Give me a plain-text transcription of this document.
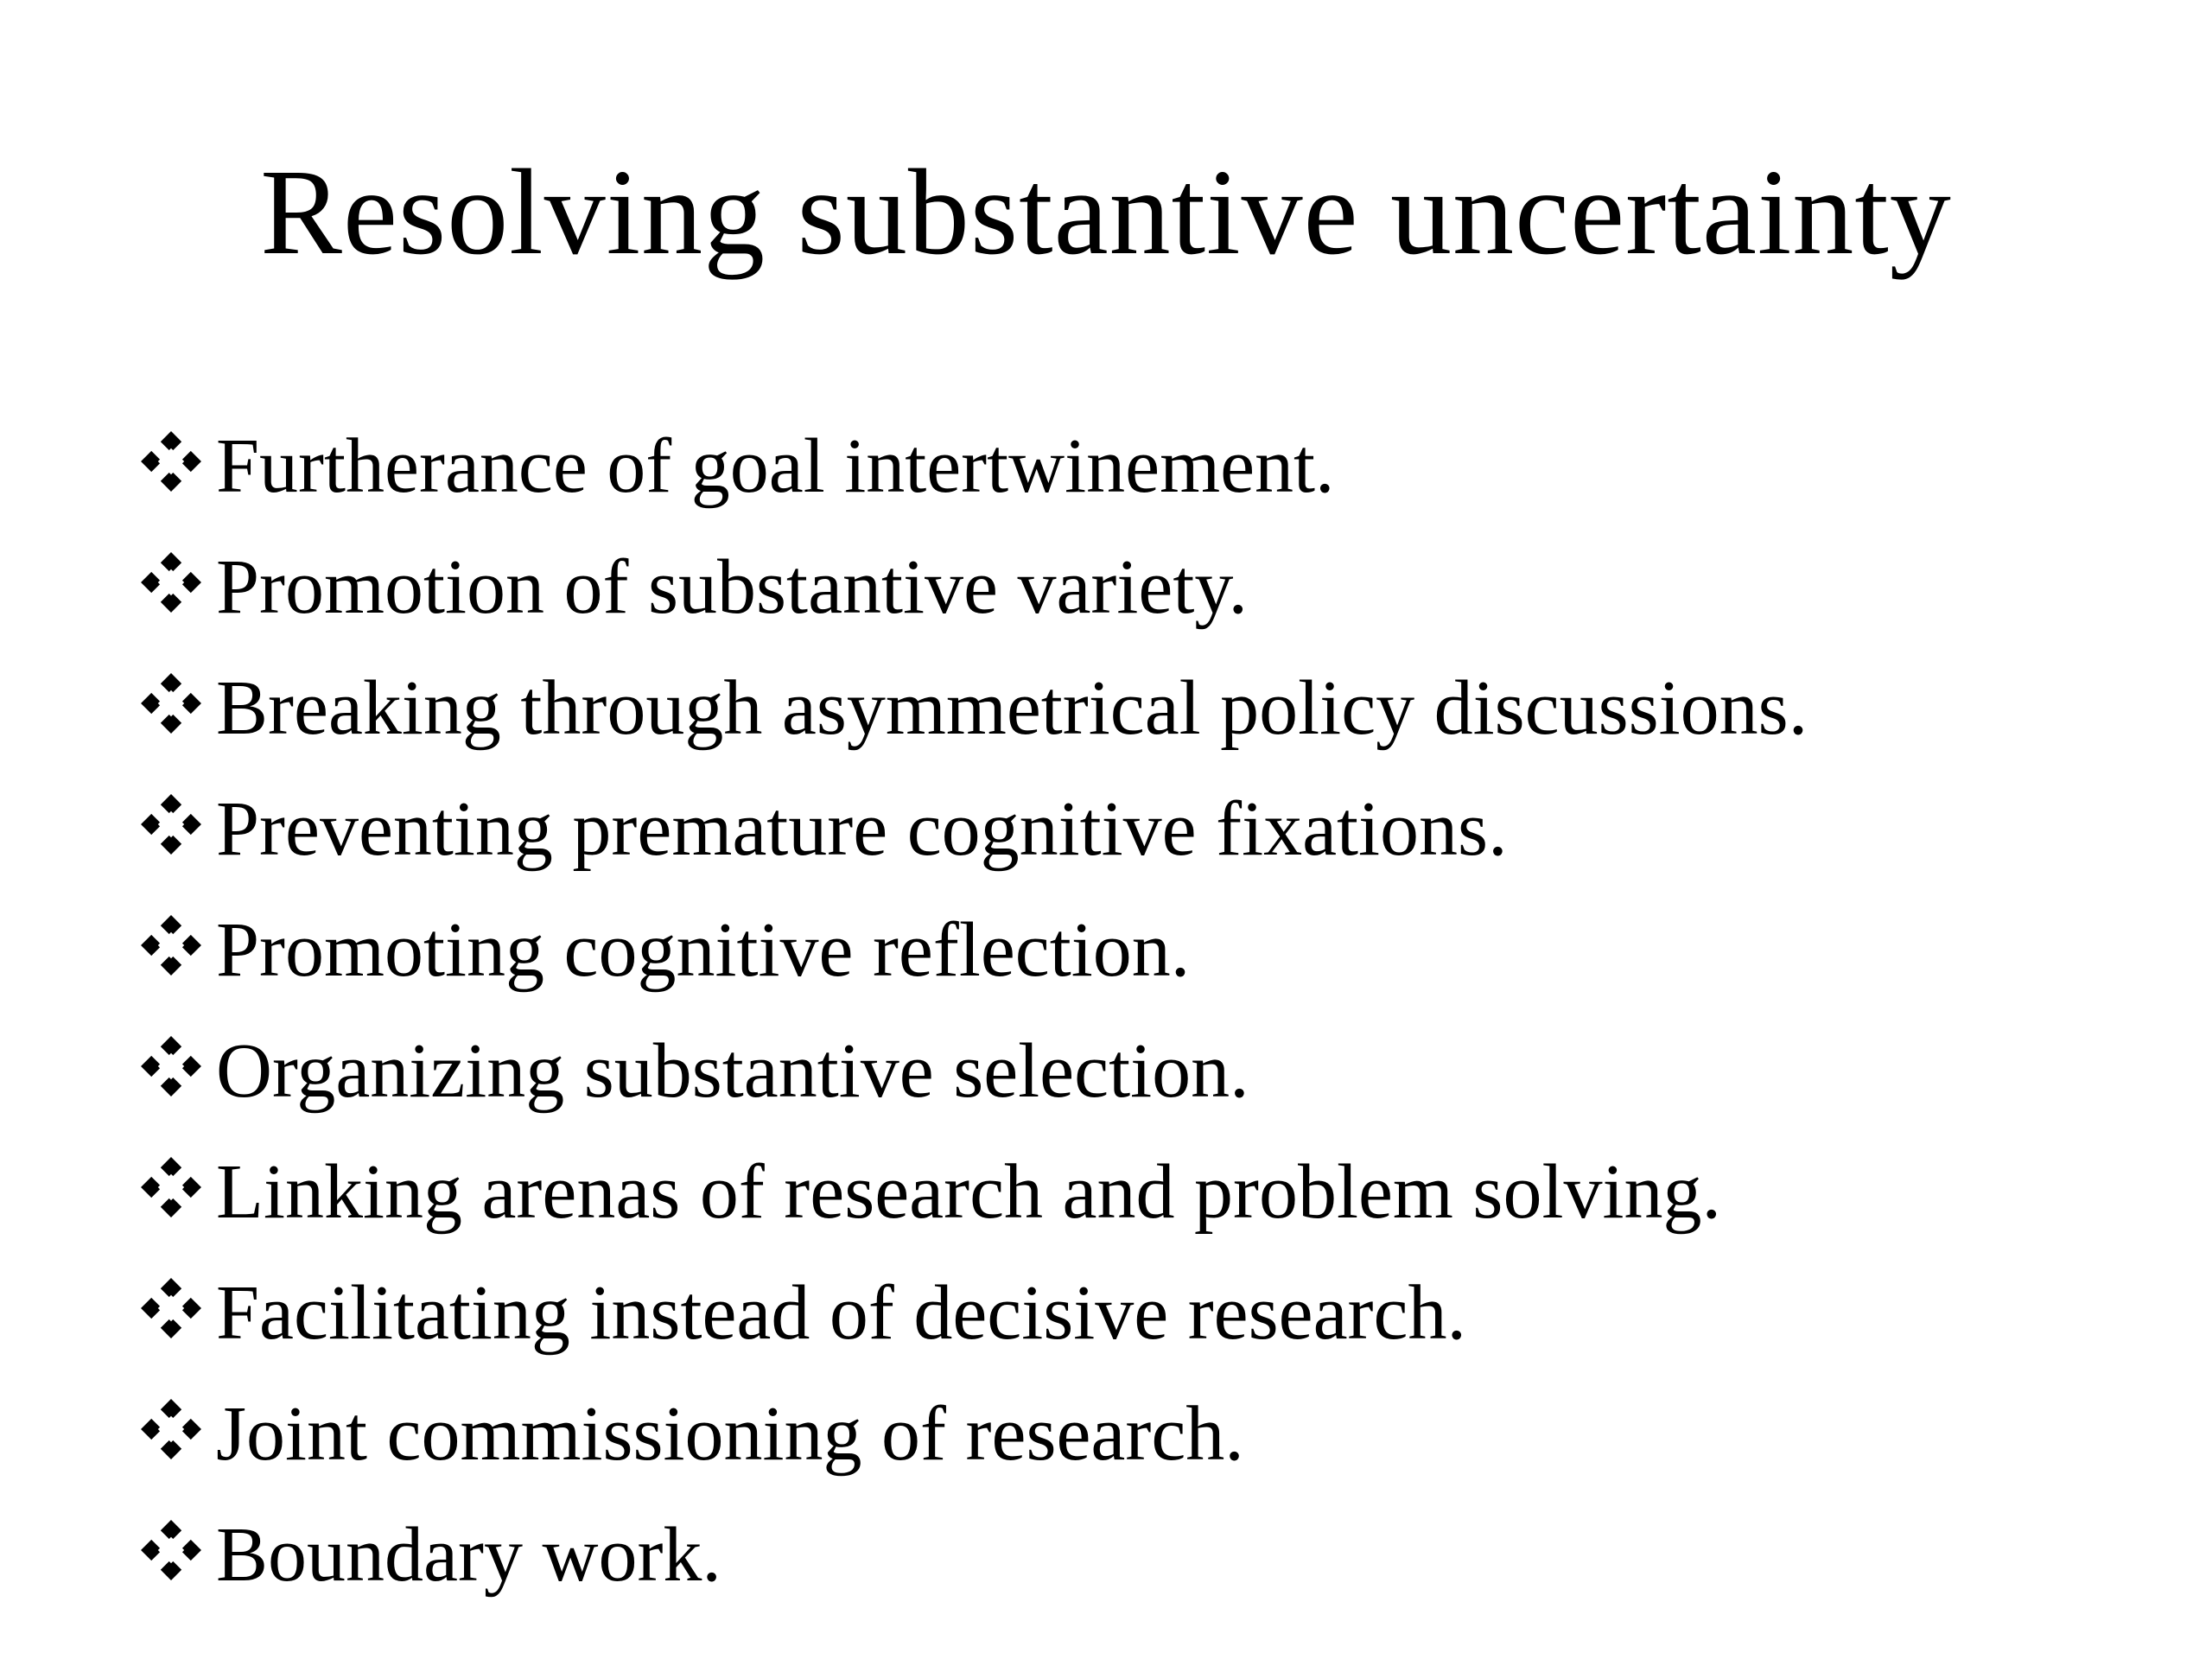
Resolving substantive uncertainty
Furtherance of goal intertwinement.
Promotion of substantive variety.
Breaking through asymmetrical policy discussions.
Preventing premature cognitive fixations.
Promoting cognitive reflection.
Organizing substantive selection.
Linking arenas of research and problem solving.
Facilitating instead of decisive research.
Joint commissioning of research.
Boundary work.
